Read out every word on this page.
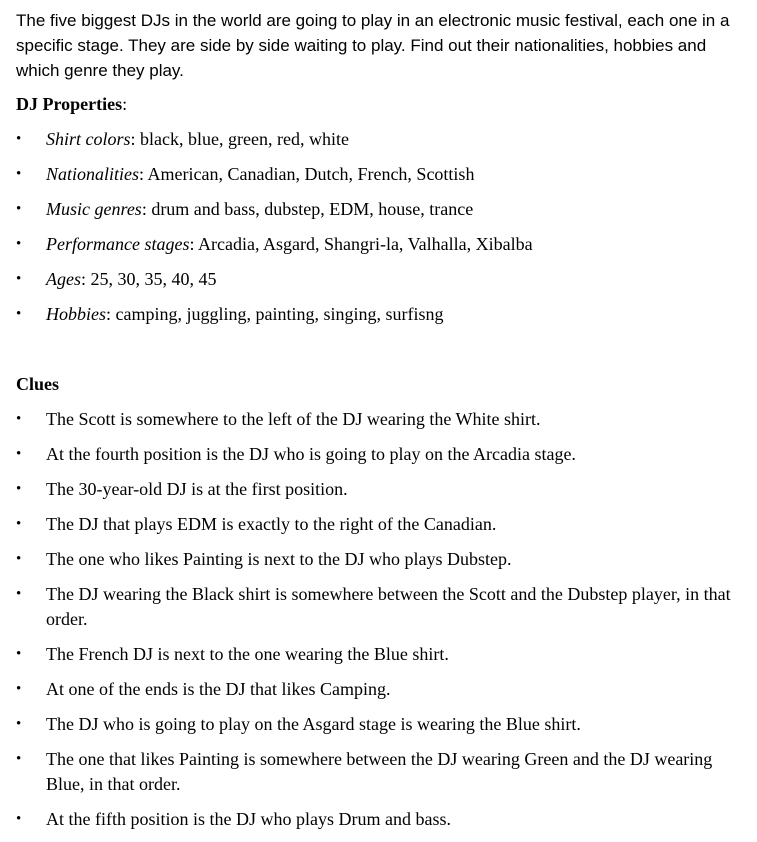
The five biggest DJs in the world are going to play in an electronic music festival, each one in a specific stage. They are side by side waiting to play. Find out their nationalities, hobbies and which genre they play.

DJ Properties:

• Shirt colors: black, blue, green, red, white
• Nationalities: American, Canadian, Dutch, French, Scottish
• Music genres: drum and bass, dubstep, EDM, house, trance
• Performance stages: Arcadia, Asgard, Shangri-la, Valhalla, Xibalba
• Ages: 25, 30, 35, 40, 45
• Hobbies: camping, juggling, painting, singing, surfisng

Clues

• The Scott is somewhere to the left of the DJ wearing the White shirt.
• At the fourth position is the DJ who is going to play on the Arcadia stage.
• The 30-year-old DJ is at the first position.
• The DJ that plays EDM is exactly to the right of the Canadian.
• The one who likes Painting is next to the DJ who plays Dubstep.
• The DJ wearing the Black shirt is somewhere between the Scott and the Dubstep player, in that order.
• The French DJ is next to the one wearing the Blue shirt.
• At one of the ends is the DJ that likes Camping.
• The DJ who is going to play on the Asgard stage is wearing the Blue shirt.
• The one that likes Painting is somewhere between the DJ wearing Green and the DJ wearing Blue, in that order.
• At the fifth position is the DJ who plays Drum and bass.
